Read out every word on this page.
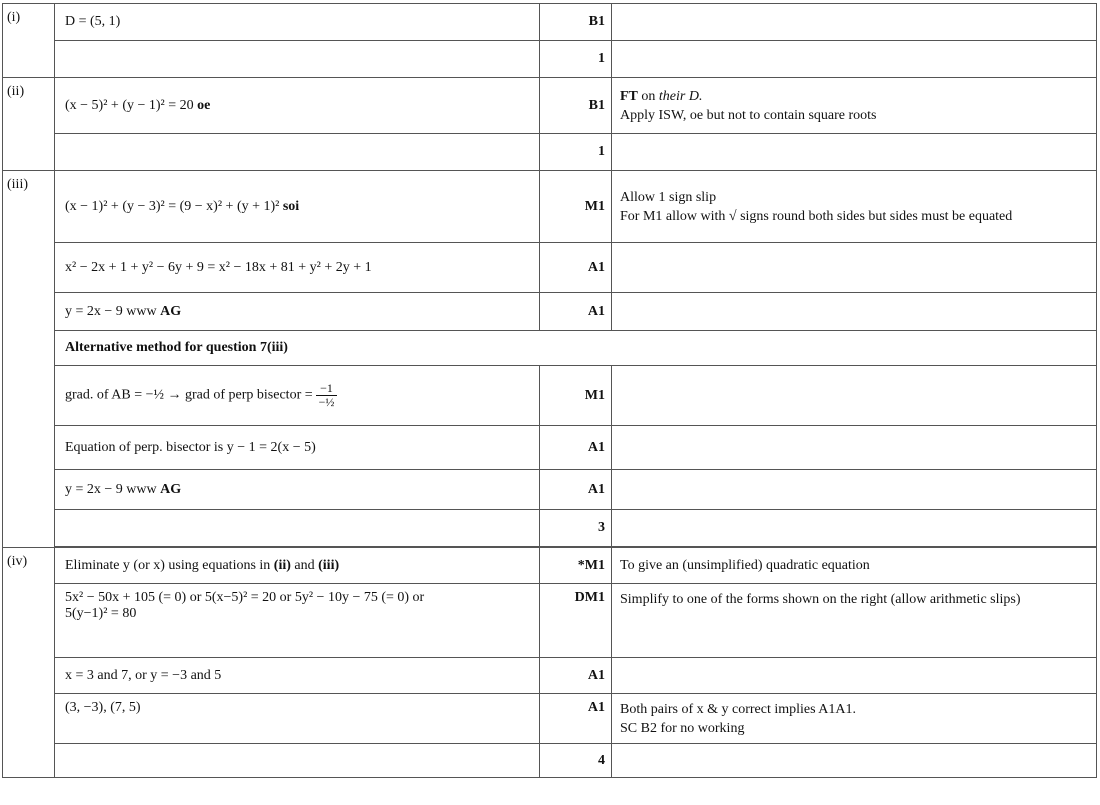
(i)	D = (5, 1)	B1	
		1	
(ii)	(x − 5)² + (y − 1)² = 20 oe	B1	FT on their D.
Apply ISW, oe but not to contain square roots

		1	
(iii)	(x − 1)² + (y − 3)² = (9 − x)² + (y + 1)² soi	M1	Allow 1 sign slip
For M1 allow with √ signs round both sides but sides must be equated

	x² − 2x + 1 + y² − 6y + 9 = x² − 18x + 81 + y² + 2y + 1	A1	
	y = 2x − 9 www AG	A1	
	Alternative method for question 7(iii)		
	grad. of AB = −½ → grad of perp bisector = $\frac{-1}{\text{−½}}$	M1	
	Equation of perp. bisector is y − 1 = 2(x − 5)	A1	
	y = 2x − 9 www AG	A1	
		3	

(iv)	Eliminate y (or x) using equations in (ii) and (iii)	*M1	To give an (unsimplified) quadratic equation

	5x² − 50x + 105 (= 0) or 5(x−5)² = 20 or 5y² − 10y − 75 (= 0) or
5(y−1)² = 80	DM1	Simplify to one of the forms shown on the right (allow arithmetic slips)
	x = 3 and 7, or y = −3 and 5	A1	
	(3, −3), (7, 5)	A1	Both pairs of x & y correct implies A1A1.
SC B2 for no working

		4	
